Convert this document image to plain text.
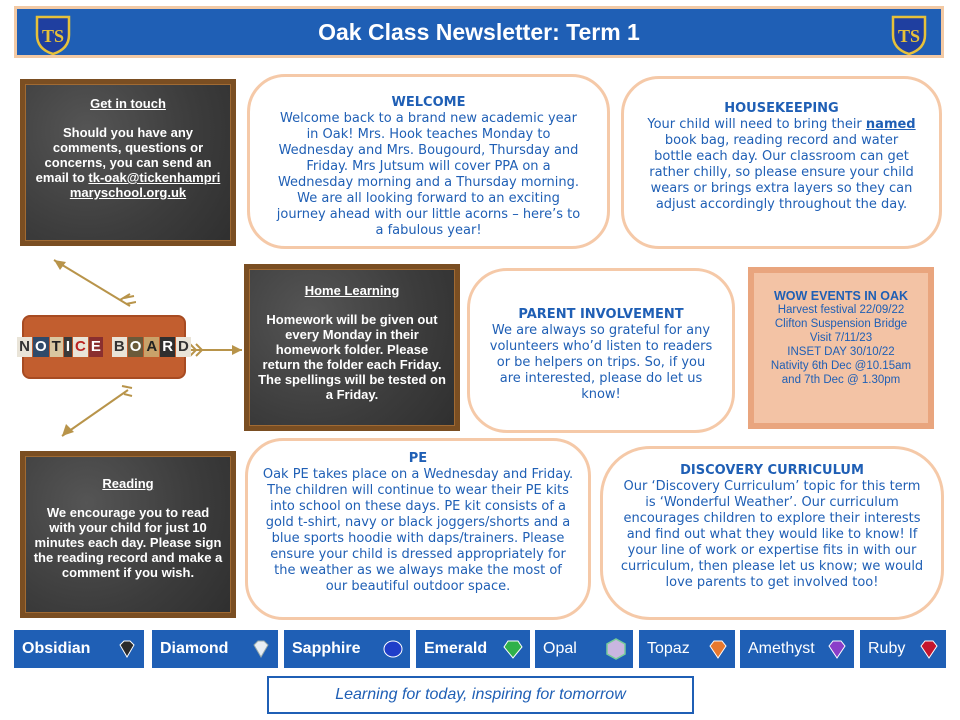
TS	Oak Class Newsletter: Term 1	TS
Get in touch
Should you have any comments, questions or concerns, you can send an email to tk-oak@tickenhamprimaryschool.org.uk
WELCOME
Welcome back to a brand new academic year in Oak! Mrs. Hook teaches Monday to Wednesday and Mrs. Bougourd, Thursday and Friday. Mrs Jutsum will cover PPA on a Wednesday morning and a Thursday morning. We are all looking forward to an exciting journey ahead with our little acorns – here’s to a fabulous year!
HOUSEKEEPING
Your child will need to bring their named book bag, reading record and water bottle each day. Our classroom can get rather chilly, so please ensure your child wears or brings extra layers so they can adjust accordingly throughout the day.
N O T I C E B O A R D
Home Learning
Homework will be given out every Monday in their homework folder. Please return the folder each Friday. The spellings will be tested on a Friday.
PARENT INVOLVEMENT
We are always so grateful for any volunteers who’d listen to readers or be helpers on trips. So, if you are interested, please do let us know!
WOW EVENTS IN OAK
Harvest festival 22/09/22
Clifton Suspension Bridge Visit 7/11/23
INSET DAY 30/10/22
Nativity 6th Dec @10.15am and 7th Dec @ 1.30pm
Reading
We encourage you to read with your child for just 10 minutes each day. Please sign the reading record and make a comment if you wish.
PE
Oak PE takes place on a Wednesday and Friday. The children will continue to wear their PE kits into school on these days. PE kit consists of a gold t-shirt, navy or black joggers/shorts and a blue sports hoodie with daps/trainers. Please ensure your child is dressed appropriately for the weather as we always make the most of our beautiful outdoor space.
DISCOVERY CURRICULUM
Our ‘Discovery Curriculum’ topic for this term is ‘Wonderful Weather’. Our curriculum encourages children to explore their interests and find out what they would like to know! If your line of work or expertise fits in with our curriculum, then please let us know; we would love parents to get involved too!
Obsidian	Diamond	Sapphire	Emerald	Opal	Topaz	Amethyst	Ruby
Learning for today, inspiring for tomorrow
